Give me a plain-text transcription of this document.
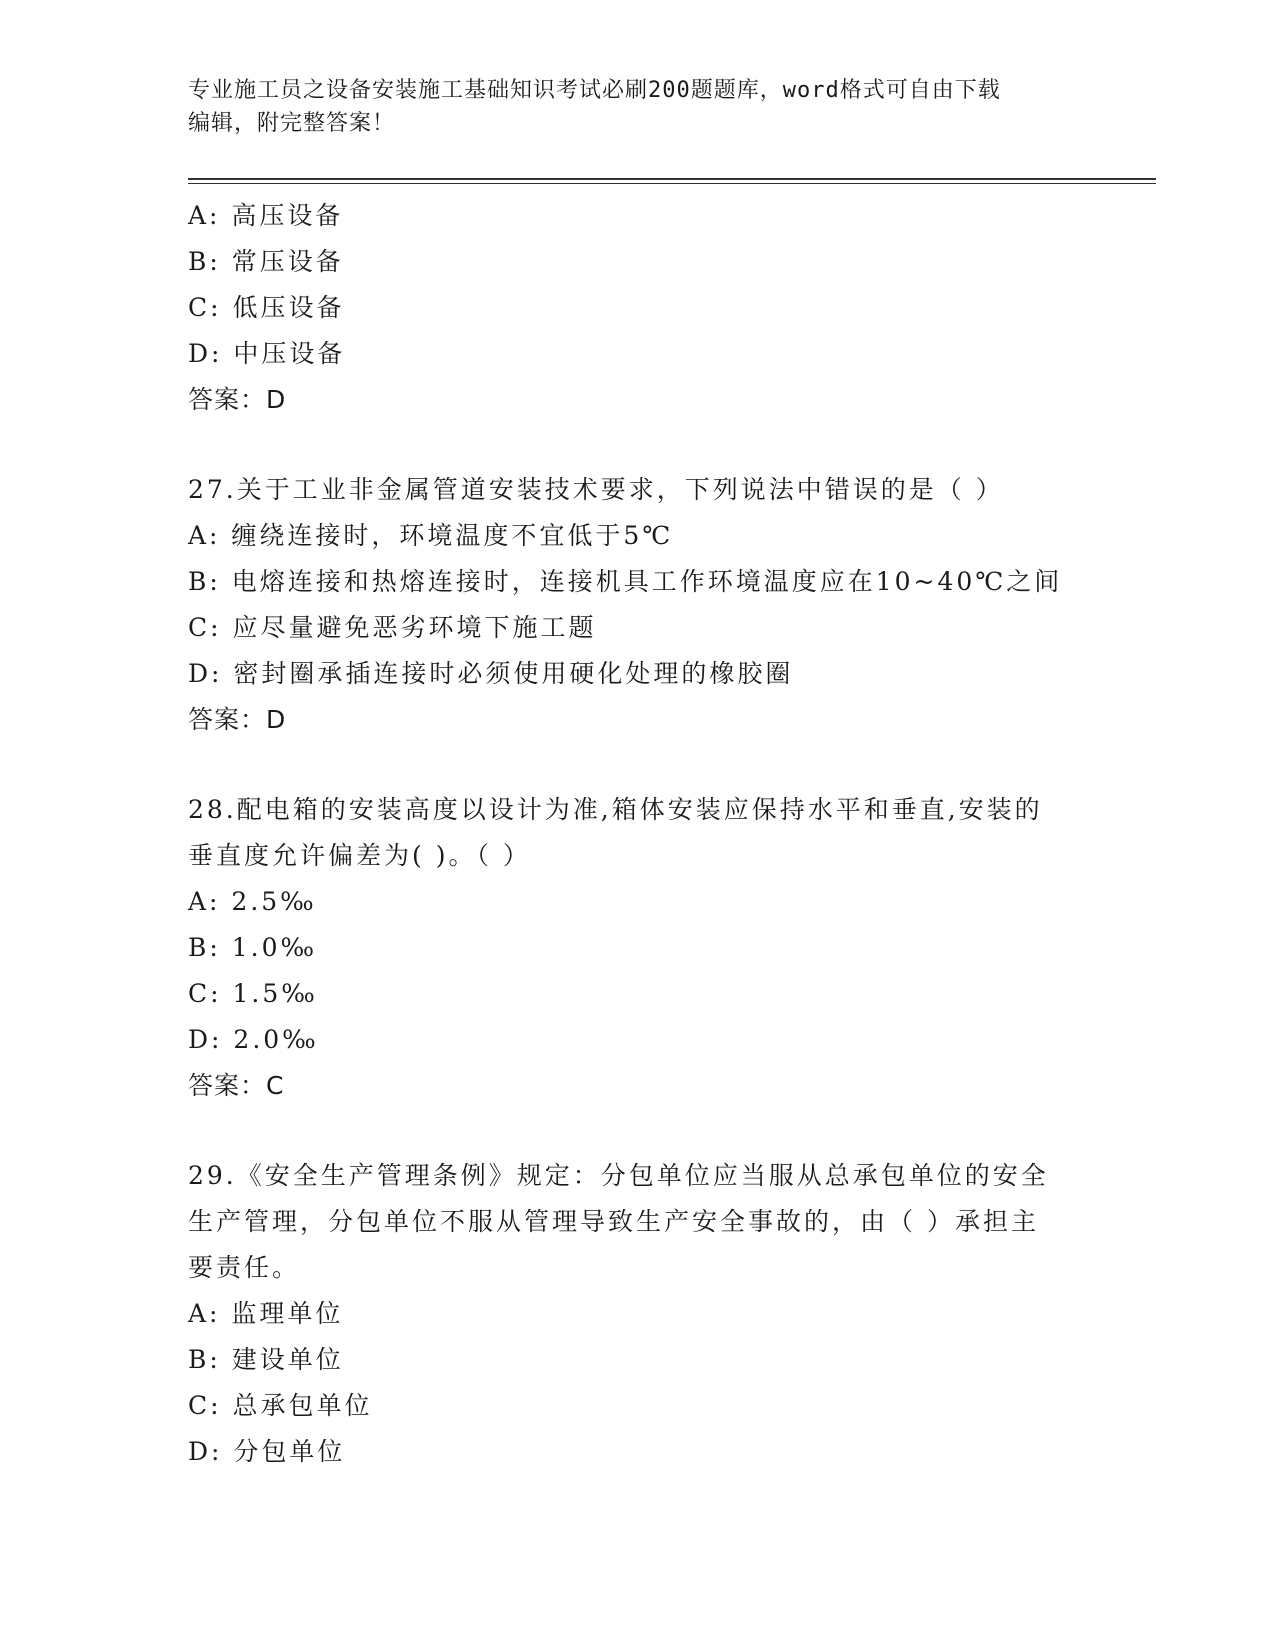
专业施工员之设备安装施工基础知识考试必刷200题题库，word格式可自由下载
编辑，附完整答案！
A: 高压设备
B: 常压设备
C: 低压设备
D: 中压设备
答案：D
27.关于工业非金属管道安装技术要求，下列说法中错误的是（ ）
A: 缠绕连接时，环境温度不宜低于5℃
B: 电熔连接和热熔连接时，连接机具工作环境温度应在10~40℃之间
C: 应尽量避免恶劣环境下施工题
D: 密封圈承插连接时必须使用硬化处理的橡胶圈
答案：D
28.配电箱的安装高度以设计为准,箱体安装应保持水平和垂直,安装的
垂直度允许偏差为( )。（ ）
A: 2.5‰
B: 1.0‰
C: 1.5‰
D: 2.0‰
答案：C
29.《安全生产管理条例》规定：分包单位应当服从总承包单位的安全
生产管理，分包单位不服从管理导致生产安全事故的，由（ ）承担主
要责任。
A: 监理单位
B: 建设单位
C: 总承包单位
D: 分包单位
